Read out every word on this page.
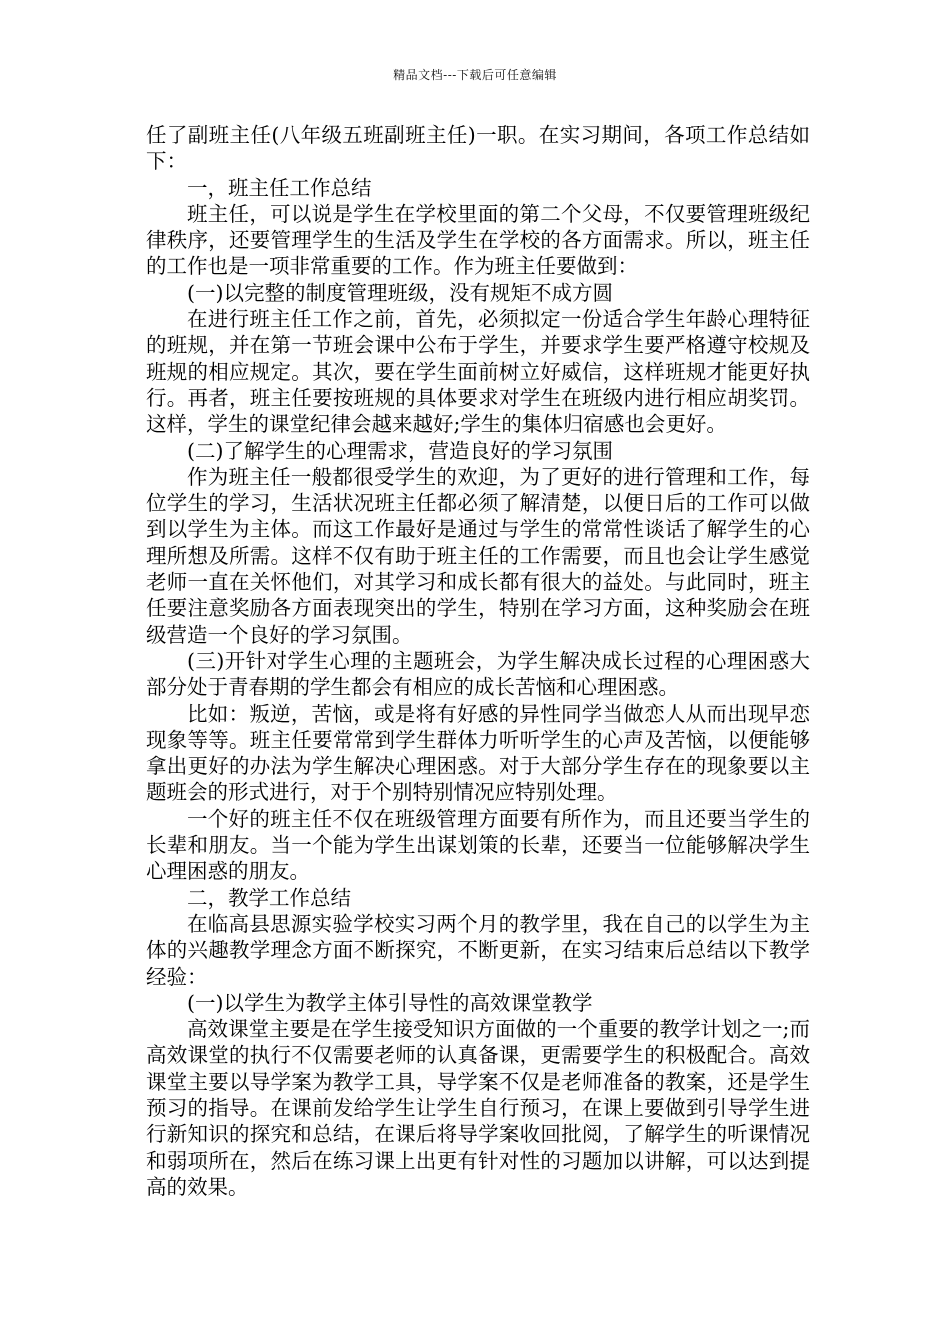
精品文档---下载后可任意编辑

任了副班主任(八年级五班副班主任)一职。在实习期间，各项工作总结如下：

一，班主任工作总结

班主任，可以说是学生在学校里面的第二个父母，不仅要管理班级纪律秩序，还要管理学生的生活及学生在学校的各方面需求。所以，班主任的工作也是一项非常重要的工作。作为班主任要做到：

(一)以完整的制度管理班级，没有规矩不成方圆

在进行班主任工作之前，首先，必须拟定一份适合学生年龄心理特征的班规，并在第一节班会课中公布于学生，并要求学生要严格遵守校规及班规的相应规定。其次，要在学生面前树立好威信，这样班规才能更好执行。再者，班主任要按班规的具体要求对学生在班级内进行相应胡奖罚。这样，学生的课堂纪律会越来越好;学生的集体归宿感也会更好。

(二)了解学生的心理需求，营造良好的学习氛围

作为班主任一般都很受学生的欢迎，为了更好的进行管理和工作，每位学生的学习，生活状况班主任都必须了解清楚，以便日后的工作可以做到以学生为主体。而这工作最好是通过与学生的常常性谈话了解学生的心理所想及所需。这样不仅有助于班主任的工作需要，而且也会让学生感觉老师一直在关怀他们，对其学习和成长都有很大的益处。与此同时，班主任要注意奖励各方面表现突出的学生，特别在学习方面，这种奖励会在班级营造一个良好的学习氛围。

(三)开针对学生心理的主题班会，为学生解决成长过程的心理困惑大部分处于青春期的学生都会有相应的成长苦恼和心理困惑。

比如：叛逆，苦恼，或是将有好感的异性同学当做恋人从而出现早恋现象等等。班主任要常常到学生群体力听听学生的心声及苦恼，以便能够拿出更好的办法为学生解决心理困惑。对于大部分学生存在的现象要以主题班会的形式进行，对于个别特别情况应特别处理。

一个好的班主任不仅在班级管理方面要有所作为，而且还要当学生的长辈和朋友。当一个能为学生出谋划策的长辈，还要当一位能够解决学生心理困惑的朋友。

二，教学工作总结

在临高县思源实验学校实习两个月的教学里，我在自己的以学生为主体的兴趣教学理念方面不断探究，不断更新，在实习结束后总结以下教学经验：

(一)以学生为教学主体引导性的高效课堂教学

高效课堂主要是在学生接受知识方面做的一个重要的教学计划之一;而高效课堂的执行不仅需要老师的认真备课，更需要学生的积极配合。高效课堂主要以导学案为教学工具，导学案不仅是老师准备的教案，还是学生预习的指导。在课前发给学生让学生自行预习，在课上要做到引导学生进行新知识的探究和总结，在课后将导学案收回批阅，了解学生的听课情况和弱项所在，然后在练习课上出更有针对性的习题加以讲解，可以达到提高的效果。
